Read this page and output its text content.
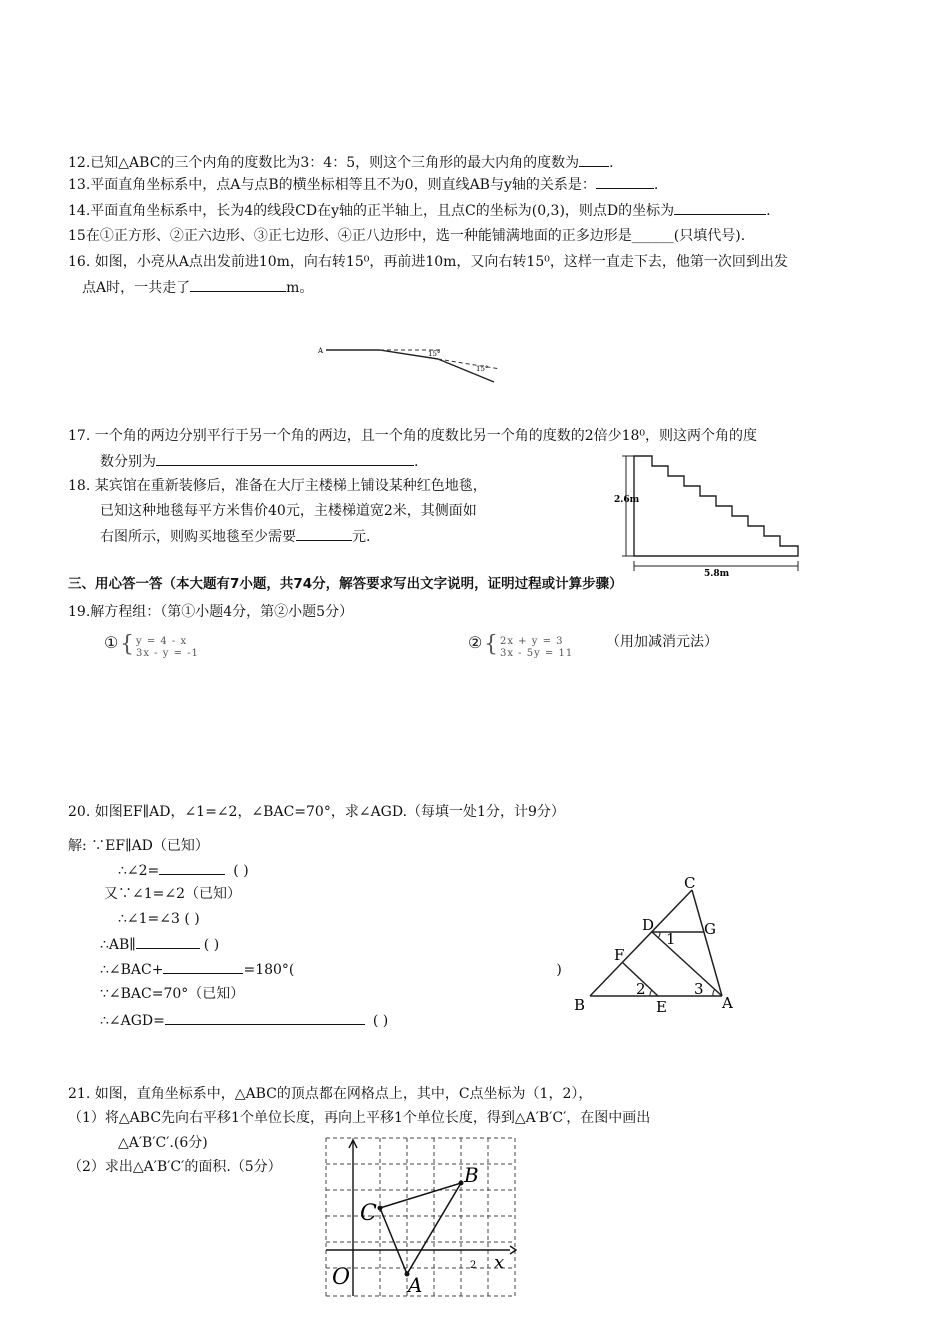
12.已知△ABC的三个内角的度数比为3：4：5，则这个三角形的最大内角的度数为 .
13.平面直角坐标系中，点A与点B的横坐标相等且不为0，则直线AB与y轴的关系是：	.
14.平面直角坐标系中，长为4的线段CD在y轴的正半轴上，且点C的坐标为(0,3)，则点D的坐标为	.
15在①正方形、②正六边形、③正七边形、④正八边形中，选一种能铺满地面的正多边形是______(只填代号).
16. 如图，小亮从A点出发前进10m，向右转15⁰，再前进10m，又向右转15⁰，这样一直走下去，他第一次回到出发
点A时，一共走了	m。
A	15°
15°
17. 一个角的两边分别平行于另一个角的两边，且一个角的度数比另一个角的度数的2倍少18⁰，则这两个角的度
数分别为	.
18. 某宾馆在重新装修后，准备在大厅主楼梯上铺设某种红色地毯，
已知这种地毯每平方米售价40元，主楼梯道宽2米，其侧面如
右图所示，则购买地毯至少需要	元.
2.6m
5.8m
三、用心答一答（本大题有7小题，共74分，解答要求写出文字说明，证明过程或计算步骤）
19.解方程组：（第①小题4分，第②小题5分）
① { y = 4 - x
3x - y = -1
② { 2x + y = 3
3x - 5y = 11
（用加减消元法）
20. 如图EF∥AD，∠1=∠2，∠BAC=70°，求∠AGD.（每填一处1分，计9分）
解: ∵EF∥AD（已知）
∴∠2=	( )
又∵∠1=∠2（已知）
∴∠1=∠3 ( )
∴AB∥	( )
∴∠BAC+	=180°(	)
∵∠BAC=70°（已知）
∴∠AGD=	( )
C
D	G
F
B	E	A
1
2	3
21. 如图，直角坐标系中，△ABC的顶点都在网格点上，其中，C点坐标为（1，2），
（1）将△ABC先向右平移1个单位长度，再向上平移1个单位长度，得到△A′B′C′，在图中画出
△A′B′C′.(6分)
（2）求出△A′B′C′的面积.（5分）
C
B
A
O
x
2
